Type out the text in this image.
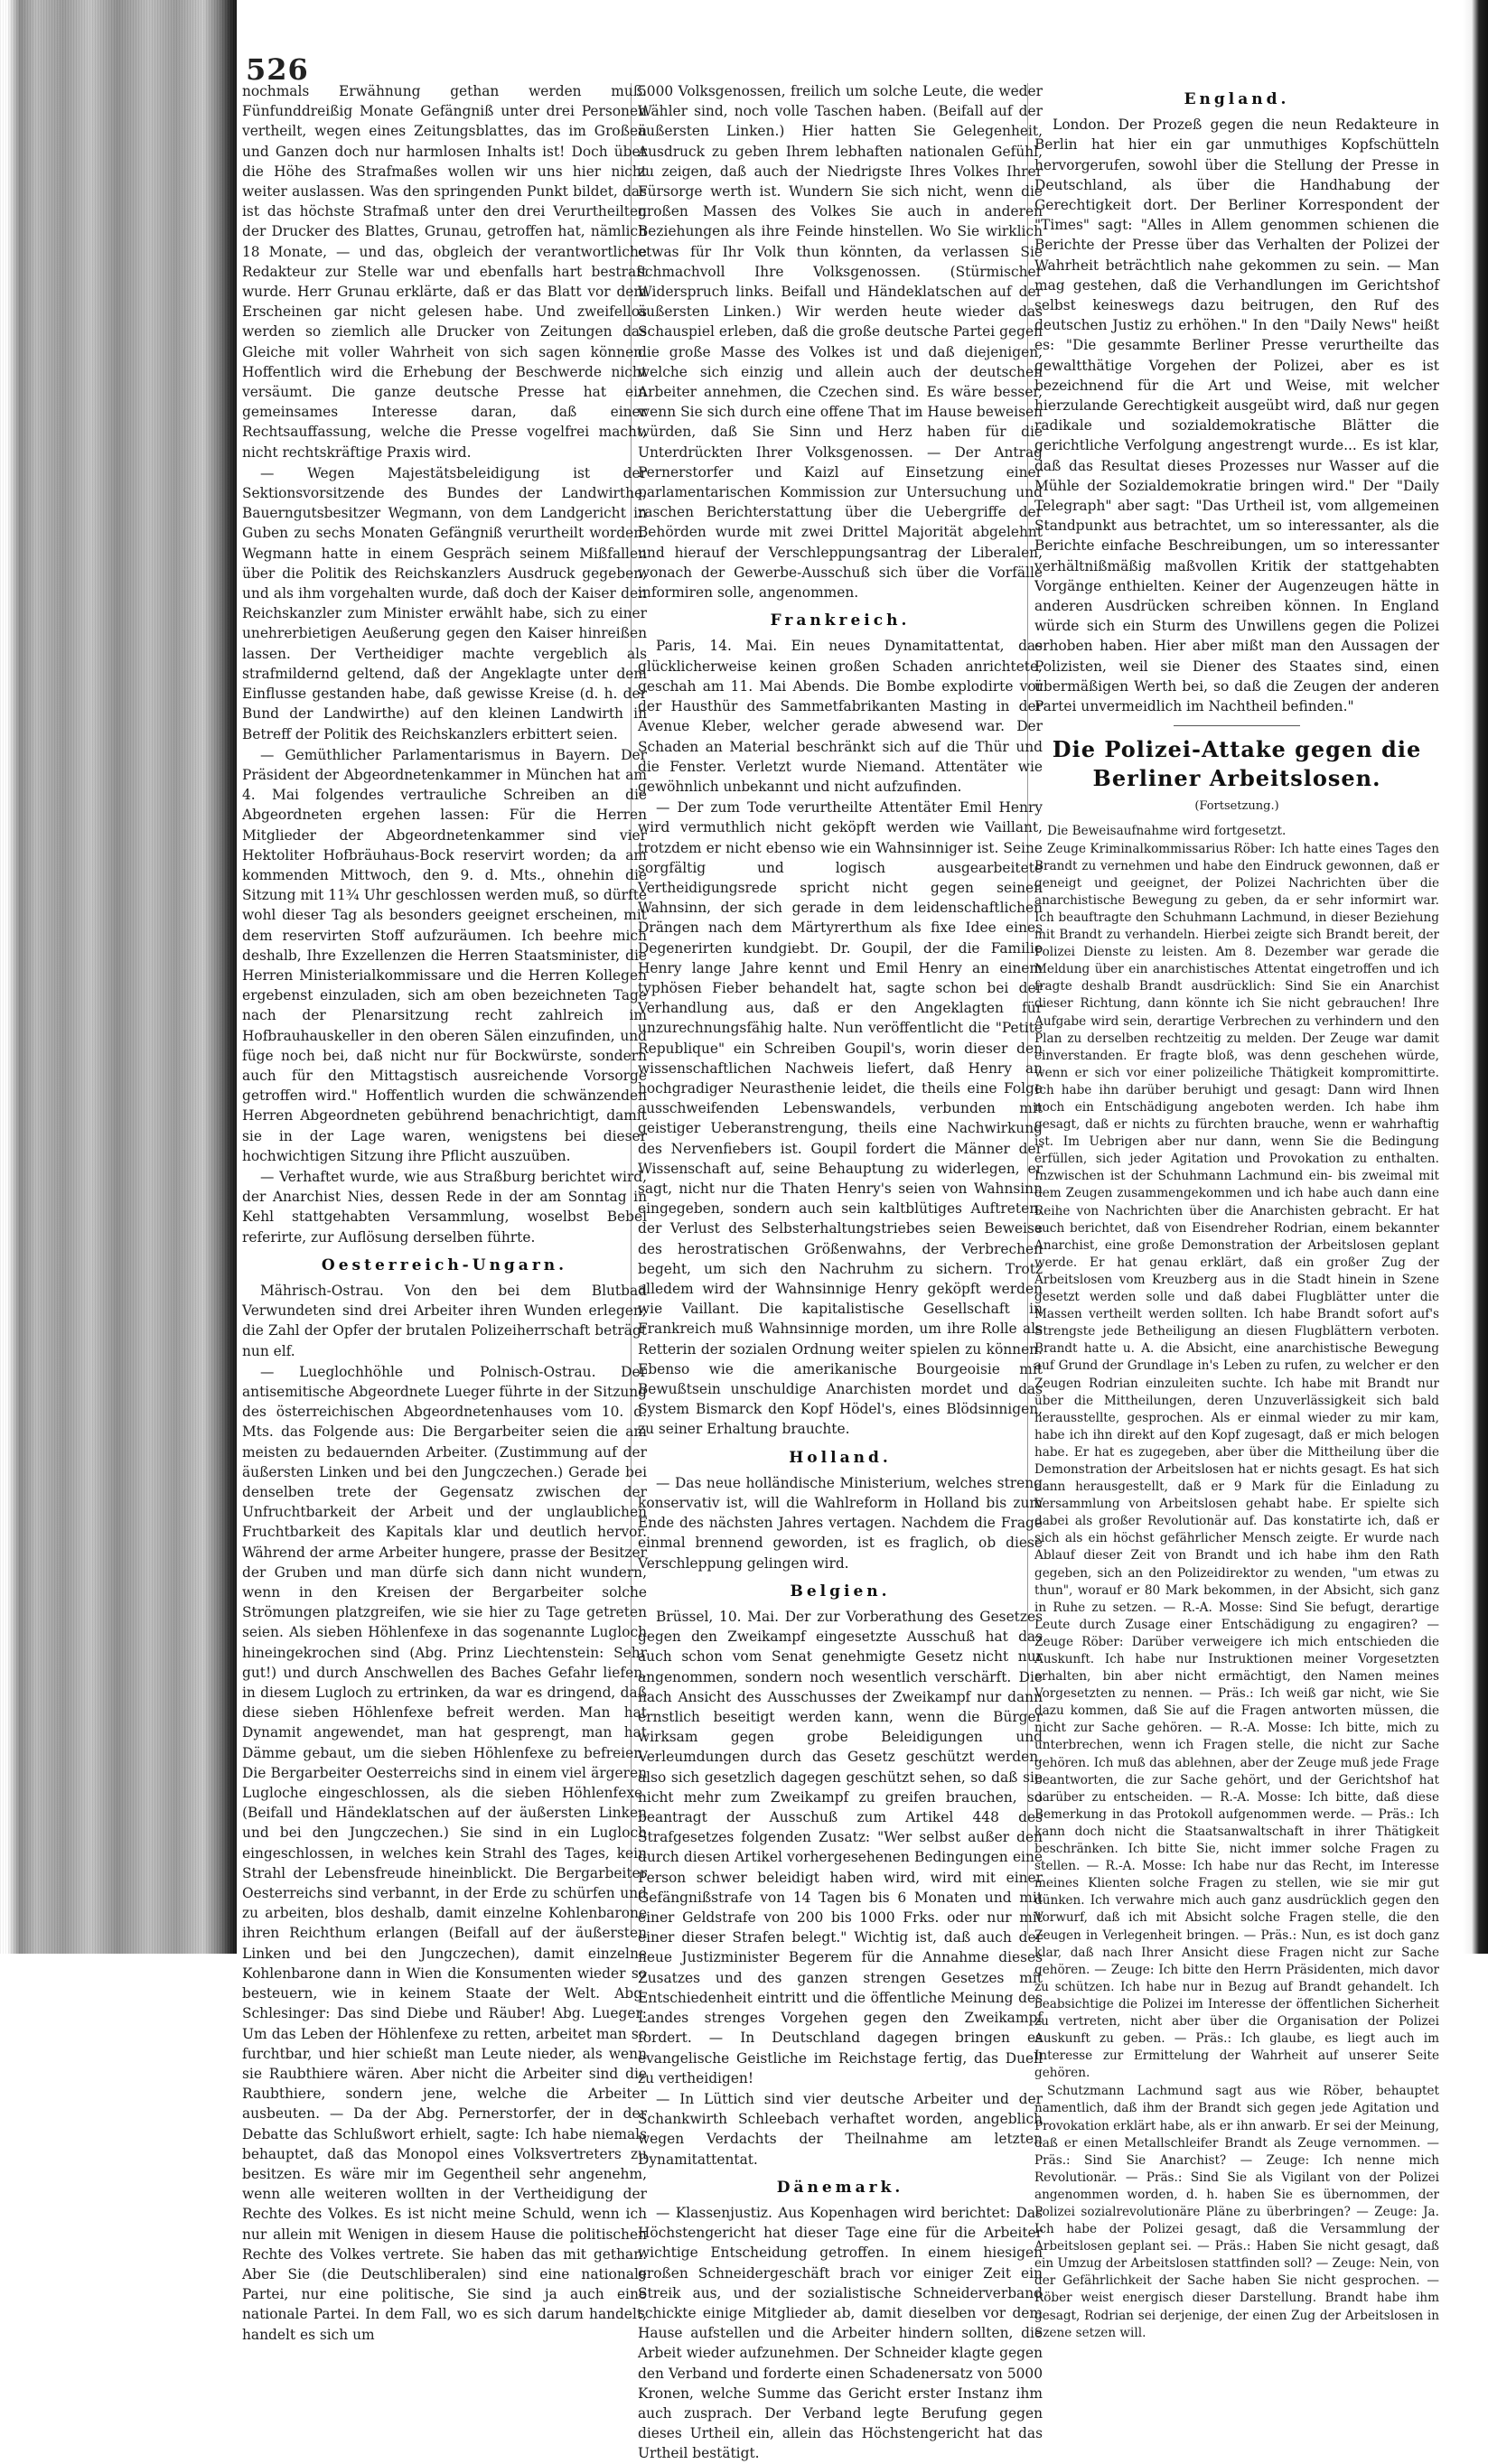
526

nochmals Erwähnung gethan werden muß. Fünfunddreißig Monate Gefängniß unter drei Personen vertheilt, wegen eines Zeitungsblattes, das im Großen und Ganzen doch nur harmlosen Inhalts ist! Doch über die Höhe des Strafmaßes wollen wir uns hier nicht weiter auslassen. Was den springenden Punkt bildet, das ist das höchste Strafmaß unter den drei Verurtheilten der Drucker des Blattes, Grunau, getroffen hat, nämlich 18 Monate, — und das, obgleich der verantwortliche Redakteur zur Stelle war und ebenfalls hart bestraft wurde. Herr Grunau erklärte, daß er das Blatt vor dem Erscheinen gar nicht gelesen habe. Und zweifellos werden so ziemlich alle Drucker von Zeitungen das Gleiche mit voller Wahrheit von sich sagen können. Hoffentlich wird die Erhebung der Beschwerde nicht versäumt. Die ganze deutsche Presse hat ein gemeinsames Interesse daran, daß einer Rechtsauffassung, welche die Presse vogelfrei macht, nicht rechtskräftige Praxis wird.

— Wegen Majestätsbeleidigung ist der Sektionsvorsitzende des Bundes der Landwirthe, Bauerngutsbesitzer Wegmann, von dem Landgericht in Guben zu sechs Monaten Gefängniß verurtheilt worden. Wegmann hatte in einem Gespräch seinem Mißfallen über die Politik des Reichskanzlers Ausdruck gegeben, und als ihm vorgehalten wurde, daß doch der Kaiser den Reichskanzler zum Minister erwählt habe, sich zu einer unehrerbietigen Aeußerung gegen den Kaiser hinreißen lassen. Der Vertheidiger machte vergeblich als strafmildernd geltend, daß der Angeklagte unter dem Einflusse gestanden habe, daß gewisse Kreise (d. h. der Bund der Landwirthe) auf den kleinen Landwirth in Betreff der Politik des Reichskanzlers erbittert seien.

— Gemüthlicher Parlamentarismus in Bayern. Der Präsident der Abgeordnetenkammer in München hat am 4. Mai folgendes vertrauliche Schreiben an die Abgeordneten ergehen lassen: Für die Herren Mitglieder der Abgeordnetenkammer sind vier Hektoliter Hofbräuhaus-Bock reservirt worden; da am kommenden Mittwoch, den 9. d. Mts., ohnehin die Sitzung mit 11¾ Uhr geschlossen werden muß, so dürfte wohl dieser Tag als besonders geeignet erscheinen, mit dem reservirten Stoff aufzuräumen. Ich beehre mich deshalb, Ihre Exzellenzen die Herren Staatsminister, die Herren Ministerialkommissare und die Herren Kollegen ergebenst einzuladen, sich am oben bezeichneten Tage nach der Plenarsitzung recht zahlreich im Hofbrauhauskeller in den oberen Sälen einzufinden, und füge noch bei, daß nicht nur für Bockwürste, sondern auch für den Mittagstisch ausreichende Vorsorge getroffen wird." Hoffentlich wurden die schwänzenden Herren Abgeordneten gebührend benachrichtigt, damit sie in der Lage waren, wenigstens bei dieser hochwichtigen Sitzung ihre Pflicht auszuüben.

— Verhaftet wurde, wie aus Straßburg berichtet wird, der Anarchist Nies, dessen Rede in der am Sonntag in Kehl stattgehabten Versammlung, woselbst Bebel referirte, zur Auflösung derselben führte.

Oesterreich-Ungarn.

Mährisch-Ostrau. Von den bei dem Blutbad Verwundeten sind drei Arbeiter ihren Wunden erlegen; die Zahl der Opfer der brutalen Polizeiherrschaft beträgt nun elf.

— Lueglochhöhle und Polnisch-Ostrau. Der antisemitische Abgeordnete Lueger führte in der Sitzung des österreichischen Abgeordnetenhauses vom 10. d. Mts. das Folgende aus: Die Bergarbeiter seien die am meisten zu bedauernden Arbeiter. (Zustimmung auf der äußersten Linken und bei den Jungczechen.) Gerade bei denselben trete der Gegensatz zwischen der Unfruchtbarkeit der Arbeit und der unglaublichen Fruchtbarkeit des Kapitals klar und deutlich hervor. Während der arme Arbeiter hungere, prasse der Besitzer der Gruben und man dürfe sich dann nicht wundern, wenn in den Kreisen der Bergarbeiter solche Strömungen platzgreifen, wie sie hier zu Tage getreten seien. Als sieben Höhlenfexe in das sogenannte Lugloch hineingekrochen sind (Abg. Prinz Liechtenstein: Sehr gut!) und durch Anschwellen des Baches Gefahr liefen, in diesem Lugloch zu ertrinken, da war es dringend, daß diese sieben Höhlenfexe befreit werden. Man hat Dynamit angewendet, man hat gesprengt, man hat Dämme gebaut, um die sieben Höhlenfexe zu befreien. Die Bergarbeiter Oesterreichs sind in einem viel ärgeren Lugloche eingeschlossen, als die sieben Höhlenfexe. (Beifall und Händeklatschen auf der äußersten Linken und bei den Jungczechen.) Sie sind in ein Lugloch eingeschlossen, in welches kein Strahl des Tages, kein Strahl der Lebensfreude hineinblickt. Die Bergarbeiter Oesterreichs sind verbannt, in der Erde zu schürfen und zu arbeiten, blos deshalb, damit einzelne Kohlenbarone ihren Reichthum erlangen (Beifall auf der äußersten Linken und bei den Jungczechen), damit einzelne Kohlenbarone dann in Wien die Konsumenten wieder so besteuern, wie in keinem Staate der Welt. Abg. Schlesinger: Das sind Diebe und Räuber! Abg. Lueger: Um das Leben der Höhlenfexe zu retten, arbeitet man so furchtbar, und hier schießt man Leute nieder, als wenn sie Raubthiere wären. Aber nicht die Arbeiter sind die Raubthiere, sondern jene, welche die Arbeiter ausbeuten. — Da der Abg. Pernerstorfer, der in der Debatte das Schlußwort erhielt, sagte: Ich habe niemals behauptet, daß das Monopol eines Volksvertreters zu besitzen. Es wäre mir im Gegentheil sehr angenehm, wenn alle weiteren wollten in der Vertheidigung der Rechte des Volkes. Es ist nicht meine Schuld, wenn ich nur allein mit Wenigen in diesem Hause die politischen Rechte des Volkes vertrete. Sie haben das mit gethan. Aber Sie (die Deutschliberalen) sind eine nationale Partei, nur eine politische, Sie sind ja auch eine nationale Partei. In dem Fall, wo es sich darum handelt, handelt es sich um

5000 Volksgenossen, freilich um solche Leute, die weder Wähler sind, noch volle Taschen haben. (Beifall auf der äußersten Linken.) Hier hatten Sie Gelegenheit, Ausdruck zu geben Ihrem lebhaften nationalen Gefühl, zu zeigen, daß auch der Niedrigste Ihres Volkes Ihrer Fürsorge werth ist. Wundern Sie sich nicht, wenn die großen Massen des Volkes Sie auch in anderen Beziehungen als ihre Feinde hinstellen. Wo Sie wirklich etwas für Ihr Volk thun könnten, da verlassen Sie schmachvoll Ihre Volksgenossen. (Stürmischer Widerspruch links. Beifall und Händeklatschen auf der äußersten Linken.) Wir werden heute wieder das Schauspiel erleben, daß die große deutsche Partei gegen die große Masse des Volkes ist und daß diejenigen, welche sich einzig und allein auch der deutschen Arbeiter annehmen, die Czechen sind. Es wäre besser, wenn Sie sich durch eine offene That im Hause beweisen würden, daß Sie Sinn und Herz haben für die Unterdrückten Ihrer Volksgenossen. — Der Antrag Pernerstorfer und Kaizl auf Einsetzung einer parlamentarischen Kommission zur Untersuchung und raschen Berichterstattung über die Uebergriffe der Behörden wurde mit zwei Drittel Majorität abgelehnt und hierauf der Verschleppungsantrag der Liberalen, wonach der Gewerbe-Ausschuß sich über die Vorfälle informiren solle, angenommen.

Frankreich.

Paris, 14. Mai. Ein neues Dynamitattentat, das glücklicherweise keinen großen Schaden anrichtete, geschah am 11. Mai Abends. Die Bombe explodirte vor der Hausthür des Sammetfabrikanten Masting in der Avenue Kleber, welcher gerade abwesend war. Der Schaden an Material beschränkt sich auf die Thür und die Fenster. Verletzt wurde Niemand. Attentäter wie gewöhnlich unbekannt und nicht aufzufinden.

— Der zum Tode verurtheilte Attentäter Emil Henry wird vermuthlich nicht geköpft werden wie Vaillant, trotzdem er nicht ebenso wie ein Wahnsinniger ist. Seine sorgfältig und logisch ausgearbeitete Vertheidigungsrede spricht nicht gegen seinen Wahnsinn, der sich gerade in dem leidenschaftlichen Drängen nach dem Märtyrerthum als fixe Idee eines Degenerirten kundgiebt. Dr. Goupil, der die Familie Henry lange Jahre kennt und Emil Henry an einem typhösen Fieber behandelt hat, sagte schon bei der Verhandlung aus, daß er den Angeklagten für unzurechnungsfähig halte. Nun veröffentlicht die "Petite Republique" ein Schreiben Goupil's, worin dieser den wissenschaftlichen Nachweis liefert, daß Henry an hochgradiger Neurasthenie leidet, die theils eine Folge ausschweifenden Lebenswandels, verbunden mit geistiger Ueberanstrengung, theils eine Nachwirkung des Nervenfiebers ist. Goupil fordert die Männer der Wissenschaft auf, seine Behauptung zu widerlegen, er sagt, nicht nur die Thaten Henry's seien von Wahnsinn eingegeben, sondern auch sein kaltblütiges Auftreten, der Verlust des Selbsterhaltungstriebes seien Beweise des herostratischen Größenwahns, der Verbrechen begeht, um sich den Nachruhm zu sichern. Trotz alledem wird der Wahnsinnige Henry geköpft werden wie Vaillant. Die kapitalistische Gesellschaft in Frankreich muß Wahnsinnige morden, um ihre Rolle als Retterin der sozialen Ordnung weiter spielen zu können. Ebenso wie die amerikanische Bourgeoisie mit Bewußtsein unschuldige Anarchisten mordet und das System Bismarck den Kopf Hödel's, eines Blödsinnigen, zu seiner Erhaltung brauchte.

Holland.

— Das neue holländische Ministerium, welches streng konservativ ist, will die Wahlreform in Holland bis zum Ende des nächsten Jahres vertagen. Nachdem die Frage einmal brennend geworden, ist es fraglich, ob diese Verschleppung gelingen wird.

Belgien.

Brüssel, 10. Mai. Der zur Vorberathung des Gesetzes gegen den Zweikampf eingesetzte Ausschuß hat das auch schon vom Senat genehmigte Gesetz nicht nur angenommen, sondern noch wesentlich verschärft. Die nach Ansicht des Ausschusses der Zweikampf nur dann ernstlich beseitigt werden kann, wenn die Bürger wirksam gegen grobe Beleidigungen und Verleumdungen durch das Gesetz geschützt werden, also sich gesetzlich dagegen geschützt sehen, so daß sie nicht mehr zum Zweikampf zu greifen brauchen, so beantragt der Ausschuß zum Artikel 448 des Strafgesetzes folgenden Zusatz: "Wer selbst außer den durch diesen Artikel vorhergesehenen Bedingungen eine Person schwer beleidigt haben wird, wird mit einer Gefängnißstrafe von 14 Tagen bis 6 Monaten und mit einer Geldstrafe von 200 bis 1000 Frks. oder nur mit einer dieser Strafen belegt." Wichtig ist, daß auch der neue Justizminister Begerem für die Annahme dieses Zusatzes und des ganzen strengen Gesetzes mit Entschiedenheit eintritt und die öffentliche Meinung des Landes strenges Vorgehen gegen den Zweikampf fordert. — In Deutschland dagegen bringen es evangelische Geistliche im Reichstage fertig, das Duell zu vertheidigen!

— In Lüttich sind vier deutsche Arbeiter und der Schankwirth Schleebach verhaftet worden, angeblich wegen Verdachts der Theilnahme am letzten Dynamitattentat.

Dänemark.

— Klassenjustiz. Aus Kopenhagen wird berichtet: Das Höchstengericht hat dieser Tage eine für die Arbeiter wichtige Entscheidung getroffen. In einem hiesigen großen Schneidergeschäft brach vor einiger Zeit ein Streik aus, und der sozialistische Schneiderverband schickte einige Mitglieder ab, damit dieselben vor dem Hause aufstellen und die Arbeiter hindern sollten, die Arbeit wieder aufzunehmen. Der Schneider klagte gegen den Verband und forderte einen Schadenersatz von 5000 Kronen, welche Summe das Gericht erster Instanz ihm auch zusprach. Der Verband legte Berufung gegen dieses Urtheil ein, allein das Höchstengericht hat das Urtheil bestätigt.

England.

London. Der Prozeß gegen die neun Redakteure in Berlin hat hier ein gar unmuthiges Kopfschütteln hervorgerufen, sowohl über die Stellung der Presse in Deutschland, als über die Handhabung der Gerechtigkeit dort. Der Berliner Korrespondent der "Times" sagt: "Alles in Allem genommen schienen die Berichte der Presse über das Verhalten der Polizei der Wahrheit beträchtlich nahe gekommen zu sein. — Man mag gestehen, daß die Verhandlungen im Gerichtshof selbst keineswegs dazu beitrugen, den Ruf des deutschen Justiz zu erhöhen." In den "Daily News" heißt es: "Die gesammte Berliner Presse verurtheilte das gewaltthätige Vorgehen der Polizei, aber es ist bezeichnend für die Art und Weise, mit welcher hierzulande Gerechtigkeit ausgeübt wird, daß nur gegen radikale und sozialdemokratische Blätter die gerichtliche Verfolgung angestrengt wurde... Es ist klar, daß das Resultat dieses Prozesses nur Wasser auf die Mühle der Sozialdemokratie bringen wird." Der "Daily Telegraph" aber sagt: "Das Urtheil ist, vom allgemeinen Standpunkt aus betrachtet, um so interessanter, als die Berichte einfache Beschreibungen, um so interessanter verhältnißmäßig maßvollen Kritik der stattgehabten Vorgänge enthielten. Keiner der Augenzeugen hätte in anderen Ausdrücken schreiben können. In England würde sich ein Sturm des Unwillens gegen die Polizei erhoben haben. Hier aber mißt man den Aussagen der Polizisten, weil sie Diener des Staates sind, einen übermäßigen Werth bei, so daß die Zeugen der anderen Partei unvermeidlich im Nachtheil befinden."

Die Polizei-Attake gegen die Berliner Arbeitslosen.
(Fortsetzung.)

Die Beweisaufnahme wird fortgesetzt.

Zeuge Kriminalkommissarius Röber: Ich hatte eines Tages den Brandt zu vernehmen und habe den Eindruck gewonnen, daß er geneigt und geeignet, der Polizei Nachrichten über die anarchistische Bewegung zu geben, da er sehr informirt war. Ich beauftragte den Schuhmann Lachmund, in dieser Beziehung mit Brandt zu verhandeln. Hierbei zeigte sich Brandt bereit, der Polizei Dienste zu leisten. Am 8. Dezember war gerade die Meldung über ein anarchistisches Attentat eingetroffen und ich fragte deshalb Brandt ausdrücklich: Sind Sie ein Anarchist dieser Richtung, dann könnte ich Sie nicht gebrauchen! Ihre Aufgabe wird sein, derartige Verbrechen zu verhindern und den Plan zu derselben rechtzeitig zu melden. Der Zeuge war damit einverstanden. Er fragte bloß, was denn geschehen würde, wenn er sich vor einer polizeiliche Thätigkeit kompromittirte. Ich habe ihn darüber beruhigt und gesagt: Dann wird Ihnen noch ein Entschädigung angeboten werden. Ich habe ihm gesagt, daß er nichts zu fürchten brauche, wenn er wahrhaftig ist. Im Uebrigen aber nur dann, wenn Sie die Bedingung erfüllen, sich jeder Agitation und Provokation zu enthalten. Inzwischen ist der Schuhmann Lachmund ein- bis zweimal mit dem Zeugen zusammengekommen und ich habe auch dann eine Reihe von Nachrichten über die Anarchisten gebracht. Er hat auch berichtet, daß von Eisendreher Rodrian, einem bekannter Anarchist, eine große Demonstration der Arbeitslosen geplant werde. Er hat genau erklärt, daß ein großer Zug der Arbeitslosen vom Kreuzberg aus in die Stadt hinein in Szene gesetzt werden solle und daß dabei Flugblätter unter die Massen vertheilt werden sollten. Ich habe Brandt sofort auf's Strengste jede Betheiligung an diesen Flugblättern verboten. Brandt hatte u. A. die Absicht, eine anarchistische Bewegung auf Grund der Grundlage in's Leben zu rufen, zu welcher er den Zeugen Rodrian einzuleiten suchte. Ich habe mit Brandt nur über die Mittheilungen, deren Unzuverlässigkeit sich bald herausstellte, gesprochen. Als er einmal wieder zu mir kam, habe ich ihn direkt auf den Kopf zugesagt, daß er mich belogen habe. Er hat es zugegeben, aber über die Mittheilung über die Demonstration der Arbeitslosen hat er nichts gesagt. Es hat sich dann herausgestellt, daß er 9 Mark für die Einladung zu Versammlung von Arbeitslosen gehabt habe. Er spielte sich dabei als großer Revolutionär auf. Das konstatirte ich, daß er sich als ein höchst gefährlicher Mensch zeigte. Er wurde nach Ablauf dieser Zeit von Brandt und ich habe ihm den Rath gegeben, sich an den Polizeidirektor zu wenden, "um etwas zu thun", worauf er 80 Mark bekommen, in der Absicht, sich ganz in Ruhe zu setzen. — R.-A. Mosse: Sind Sie befugt, derartige Leute durch Zusage einer Entschädigung zu engagiren? — Zeuge Röber: Darüber verweigere ich mich entschieden die Auskunft. Ich habe nur Instruktionen meiner Vorgesetzten erhalten, bin aber nicht ermächtigt, den Namen meines Vorgesetzten zu nennen. — Präs.: Ich weiß gar nicht, wie Sie dazu kommen, daß Sie auf die Fragen antworten müssen, die nicht zur Sache gehören. — R.-A. Mosse: Ich bitte, mich zu unterbrechen, wenn ich Fragen stelle, die nicht zur Sache gehören. Ich muß das ablehnen, aber der Zeuge muß jede Frage beantworten, die zur Sache gehört, und der Gerichtshof hat darüber zu entscheiden. — R.-A. Mosse: Ich bitte, daß diese Bemerkung in das Protokoll aufgenommen werde. — Präs.: Ich kann doch nicht die Staatsanwaltschaft in ihrer Thätigkeit beschränken. Ich bitte Sie, nicht immer solche Fragen zu stellen. — R.-A. Mosse: Ich habe nur das Recht, im Interesse meines Klienten solche Fragen zu stellen, wie sie mir gut dünken. Ich verwahre mich auch ganz ausdrücklich gegen den Vorwurf, daß ich mit Absicht solche Fragen stelle, die den Zeugen in Verlegenheit bringen. — Präs.: Nun, es ist doch ganz klar, daß nach Ihrer Ansicht diese Fragen nicht zur Sache gehören. — Zeuge: Ich bitte den Herrn Präsidenten, mich davor zu schützen. Ich habe nur in Bezug auf Brandt gehandelt. Ich beabsichtige die Polizei im Interesse der öffentlichen Sicherheit zu vertreten, nicht aber über die Organisation der Polizei Auskunft zu geben. — Präs.: Ich glaube, es liegt auch im Interesse zur Ermittelung der Wahrheit auf unserer Seite gehören.

Schutzmann Lachmund sagt aus wie Röber, behauptet namentlich, daß ihm der Brandt sich gegen jede Agitation und Provokation erklärt habe, als er ihn anwarb. Er sei der Meinung, daß er einen Metallschleifer Brandt als Zeuge vernommen. — Präs.: Sind Sie Anarchist? — Zeuge: Ich nenne mich Revolutionär. — Präs.: Sind Sie als Vigilant von der Polizei angenommen worden, d. h. haben Sie es übernommen, der Polizei sozialrevolutionäre Pläne zu überbringen? — Zeuge: Ja. Ich habe der Polizei gesagt, daß die Versammlung der Arbeitslosen geplant sei. — Präs.: Haben Sie nicht gesagt, daß ein Umzug der Arbeitslosen stattfinden soll? — Zeuge: Nein, von der Gefährlichkeit der Sache haben Sie nicht gesprochen. — Röber weist energisch dieser Darstellung. Brandt habe ihm gesagt, Rodrian sei derjenige, der einen Zug der Arbeitslosen in Szene setzen will.
